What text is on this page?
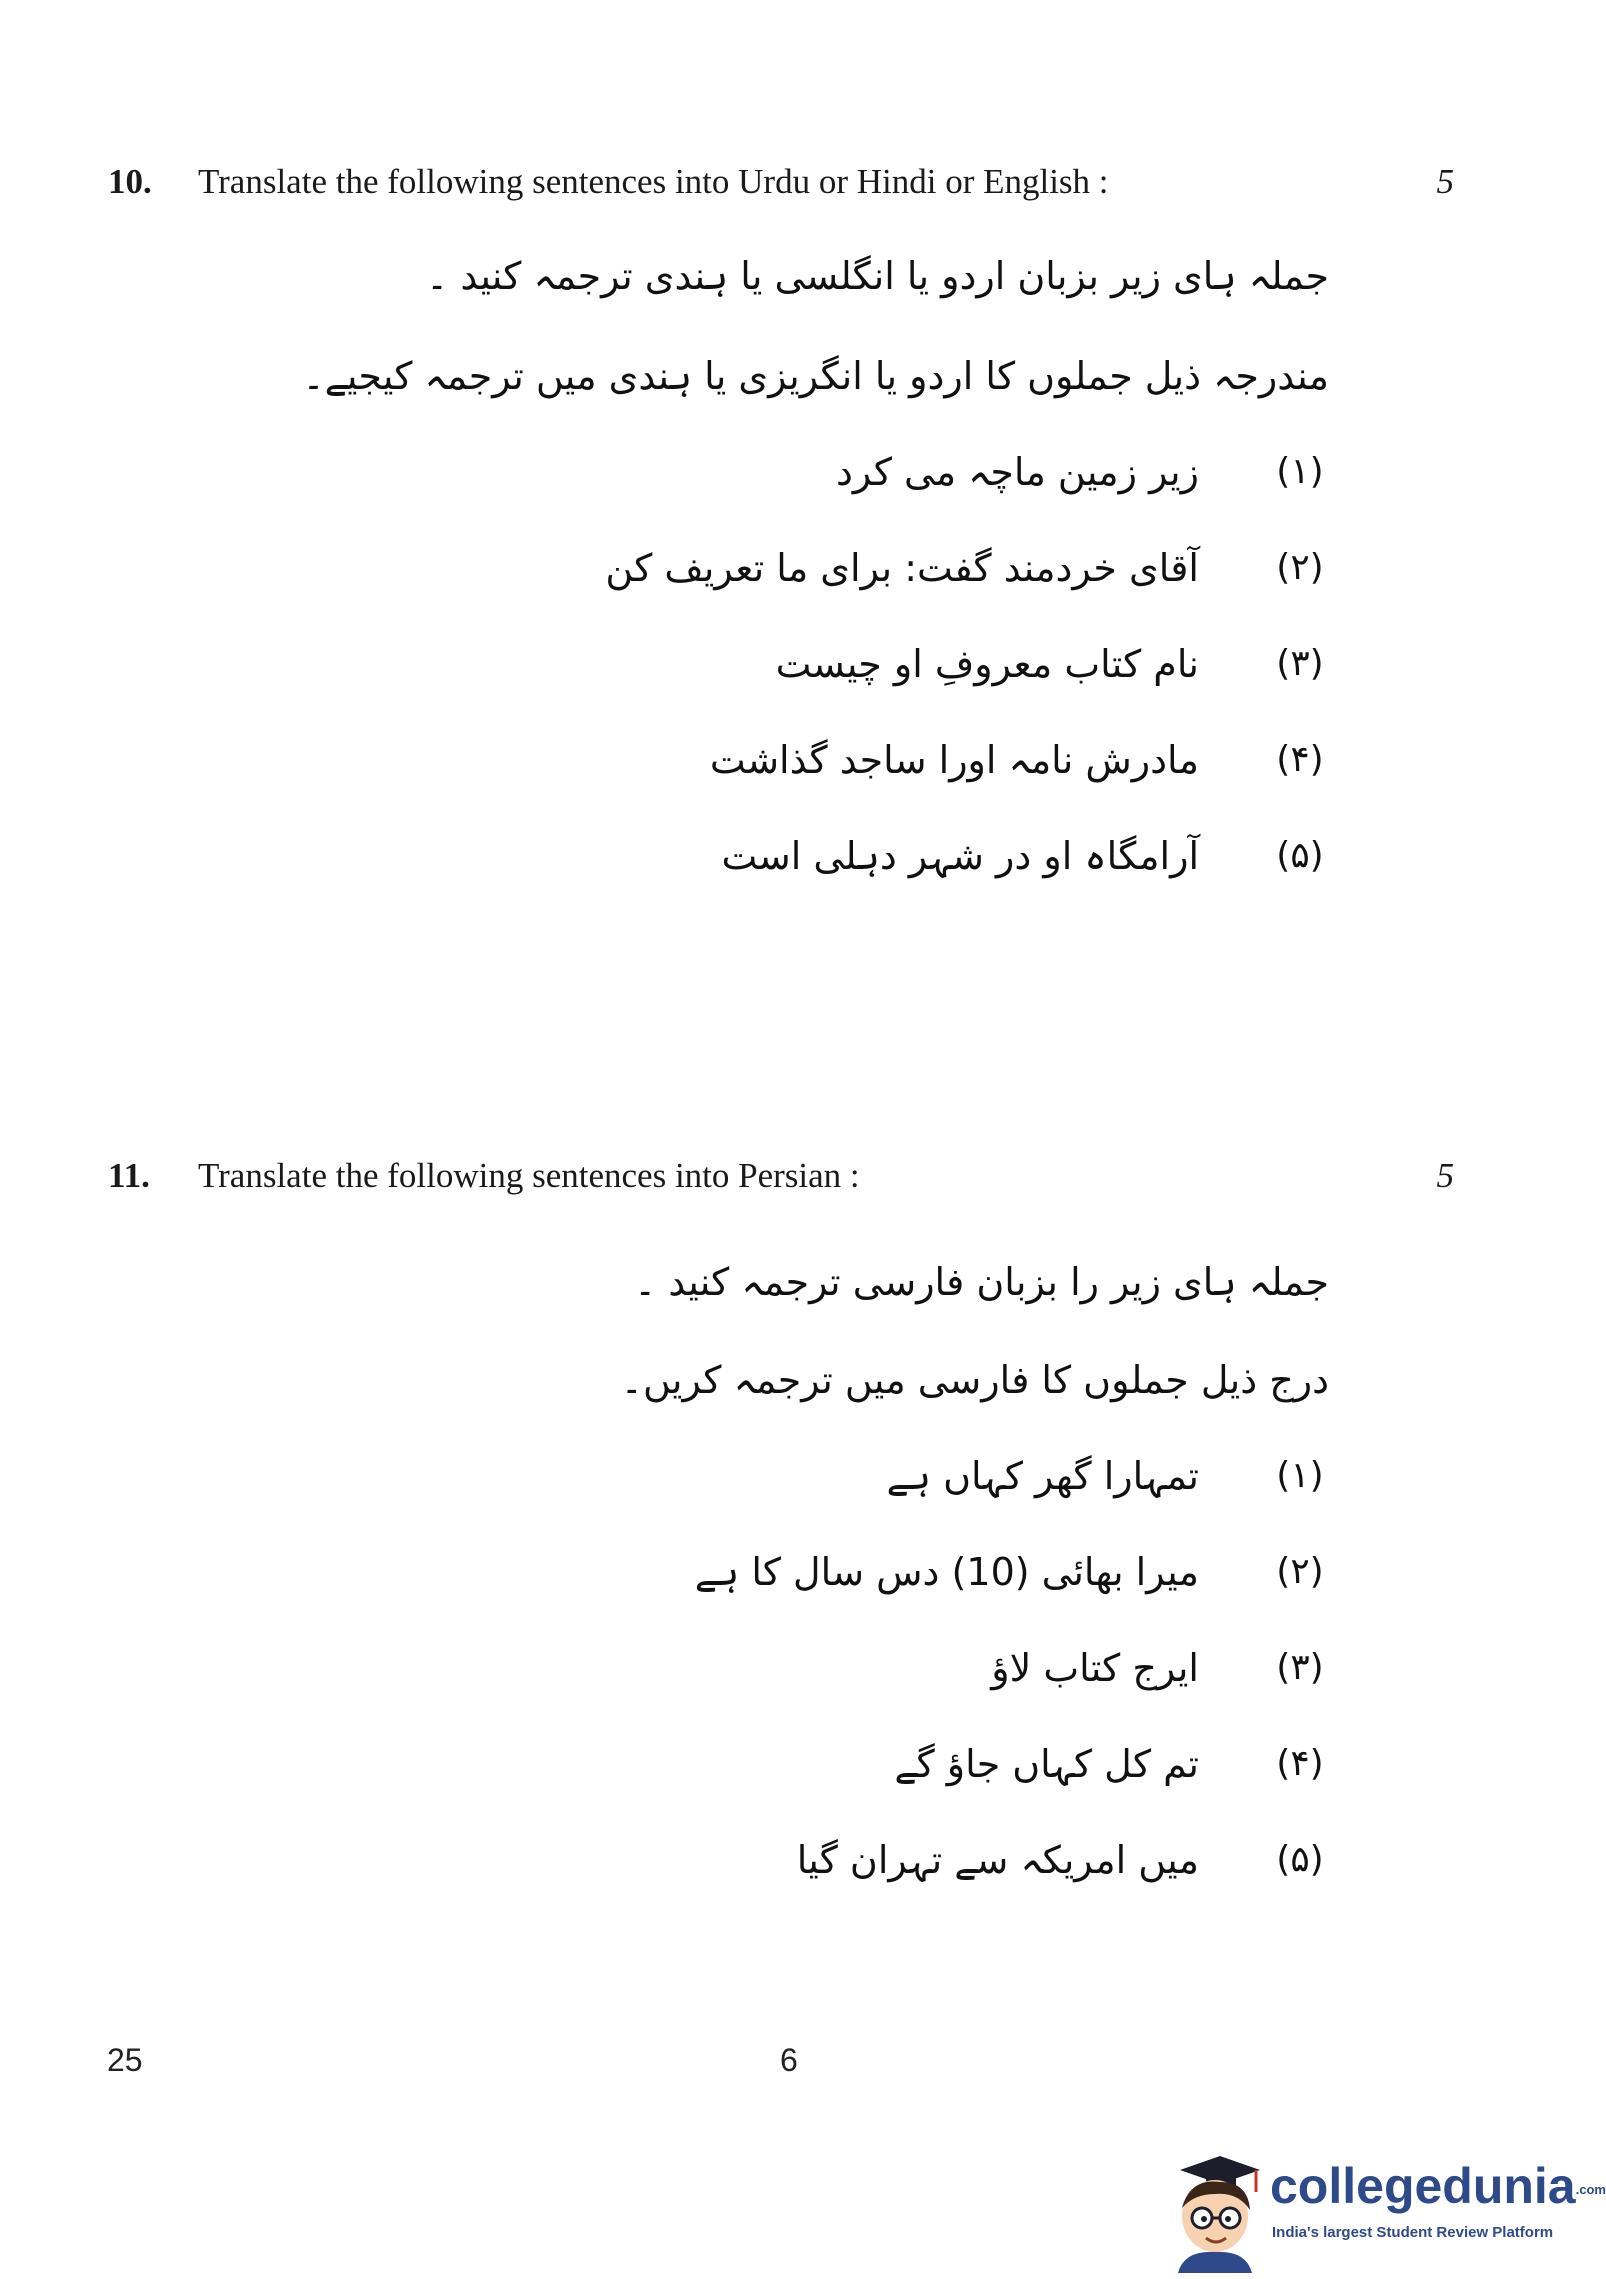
10. Translate the following sentences into Urdu or Hindi or English :	5
جملہ ہای زیر بزبان اردو یا انگلسی یا ہندی ترجمہ کنید ۔
مندرجہ ذیل جملوں کا اردو یا انگریزی یا ہندی میں ترجمہ کیجیے۔
(۱)
زیر زمین ماچہ می کرد
(۲)
آقای خردمند گفت: برای ما تعریف کن
(۳)
نام کتاب معروفِ او چیست
(۴)
مادرش نامہ اورا ساجد گذاشت
(۵)
آرامگاہ او در شہر دہلی است
11. Translate the following sentences into Persian :	5
جملہ ہای زیر را بزبان فارسی ترجمہ کنید ۔
درج ذیل جملوں کا فارسی میں ترجمہ کریں۔
(۱)
تمہارا گھر کہاں ہے
(۲)
میرا بھائی (10) دس سال کا ہے
(۳)
ایرج کتاب لاؤ
(۴)
تم کل کہاں جاؤ گے
(۵)
میں امریکہ سے تہران گیا
25	6
collegedunia.com
India's largest Student Review Platform
